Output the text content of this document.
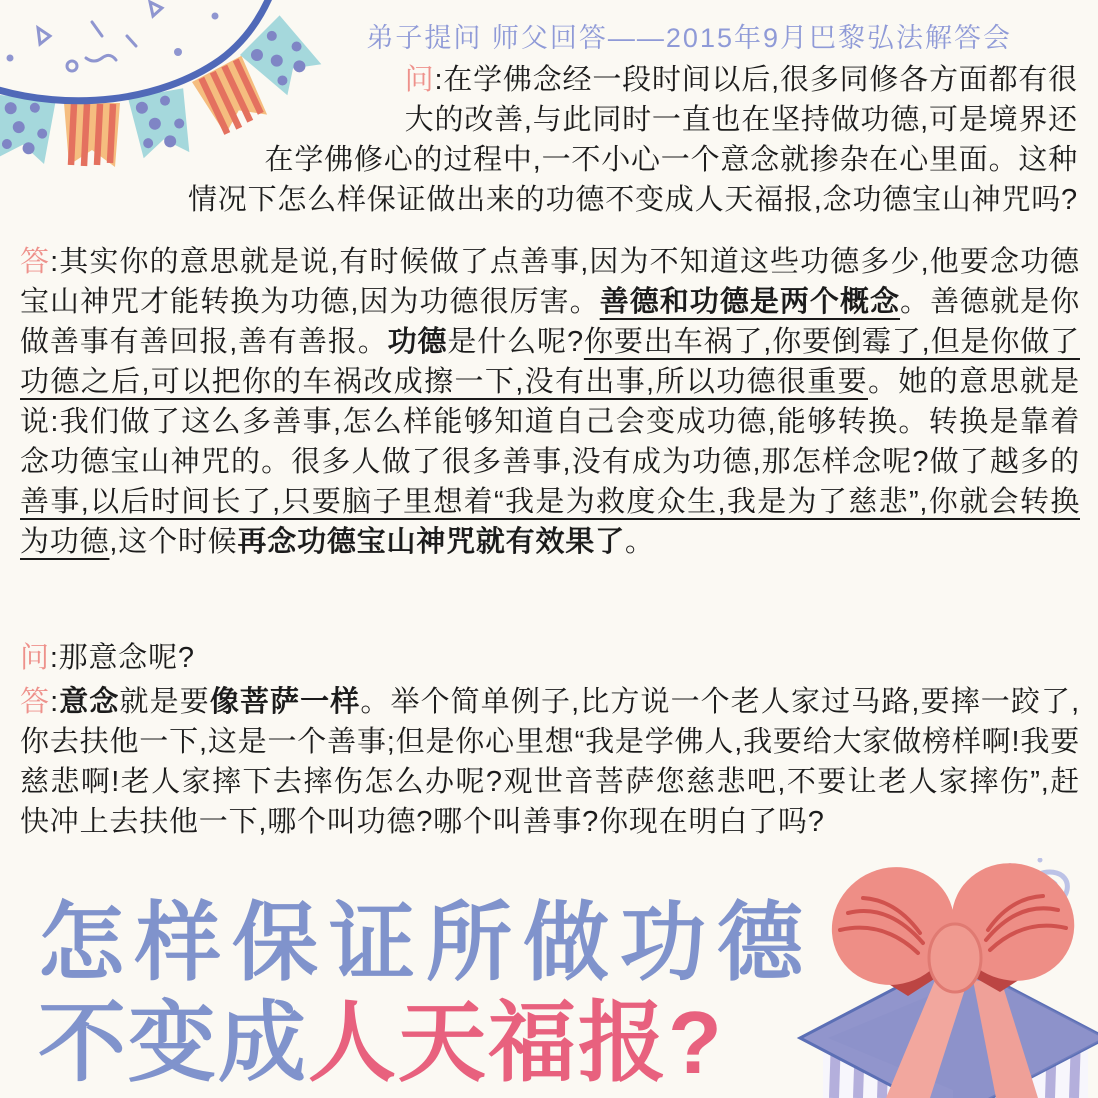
弟子提问 师父回答——2015年9月巴黎弘法解答会
问:在学佛念经一段时间以后,很多同修各方面都有很
大的改善,与此同时一直也在坚持做功德,可是境界还
在学佛修心的过程中,一不小心一个意念就掺杂在心里面。这种
情况下怎么样保证做出来的功德不变成人天福报,念功德宝山神咒吗?
答:其实你的意思就是说,有时候做了点善事,因为不知道这些功德多少,他要念功德宝山神咒才能转换为功德,因为功德很厉害。善德和功德是两个概念。善德就是你做善事有善回报,善有善报。功德是什么呢?你要出车祸了,你要倒霉了,但是你做了功德之后,可以把你的车祸改成擦一下,没有出事,所以功德很重要。她的意思就是说:我们做了这么多善事,怎么样能够知道自己会变成功德,能够转换。转换是靠着念功德宝山神咒的。很多人做了很多善事,没有成为功德,那怎样念呢?做了越多的善事,以后时间长了,只要脑子里想着“我是为救度众生,我是为了慈悲”,你就会转换为功德,这个时候再念功德宝山神咒就有效果了。
问:那意念呢?
答:意念就是要像菩萨一样。举个简单例子,比方说一个老人家过马路,要摔一跤了,你去扶他一下,这是一个善事;但是你心里想“我是学佛人,我要给大家做榜样啊!我要慈悲啊!老人家摔下去摔伤怎么办呢?观世音菩萨您慈悲吧,不要让老人家摔伤”,赶快冲上去扶他一下,哪个叫功德?哪个叫善事?你现在明白了吗?
怎样保证所做功德
不变成人天福报?
